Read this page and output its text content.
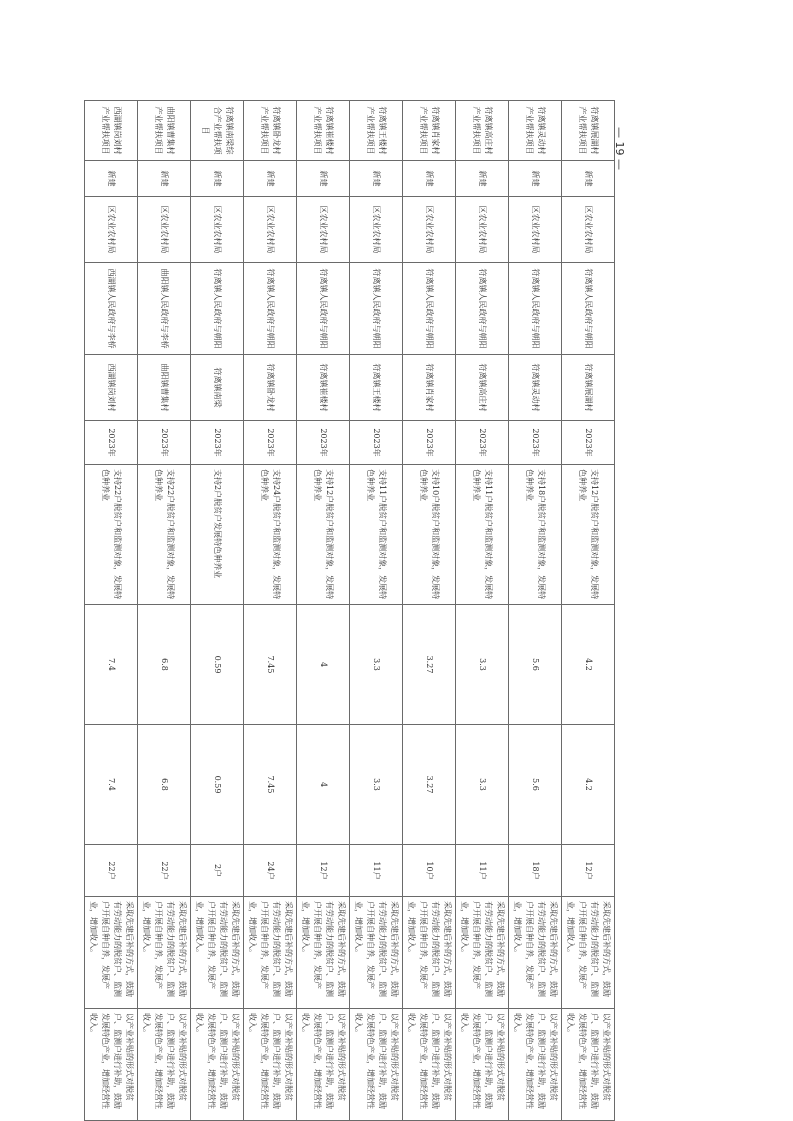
符离镇展湖村产业帮扶项目	新建	区农业农村局	符离镇人民政府与朝阳	符离镇展湖村	2023年	支持12户脱贫户和监测对象，发展特色种养业	4.2	4.2	12户	采取先建后补的方式，鼓励有劳动能力的脱贫户、监测户开展自种自养，发展产业，增加收入。	以产业补贴的形式对脱贫户、监测户进行补助，鼓励发展特色产业，增加经营性收入。
符离镇灵动村产业帮扶项目	新建	区农业农村局	符离镇人民政府与朝阳	符离镇灵动村	2023年	支持18户脱贫户和监测对象，发展特色种养业	5.6	5.6	18户	采取先建后补的方式，鼓励有劳动能力的脱贫户、监测户开展自种自养，发展产业，增加收入。	以产业补贴的形式对脱贫户、监测户进行补助，鼓励发展特色产业，增加经营性收入。
符离镇高庄村产业帮扶项目	新建	区农业农村局	符离镇人民政府与朝阳	符离镇高庄村	2023年	支持11户脱贫户和监测对象，发展特色种养业	3.3	3.3	11户	采取先建后补的方式，鼓励有劳动能力的脱贫户、监测户开展自种自养，发展产业，增加收入。	以产业补贴的形式对脱贫户、监测户进行补助，鼓励发展特色产业，增加经营性收入。
符离镇肖家村产业帮扶项目	新建	区农业农村局	符离镇人民政府与朝阳	符离镇肖家村	2023年	支持10户脱贫户和监测对象，发展特色种养业	3.27	3.27	10户	采取先建后补的方式，鼓励有劳动能力的脱贫户、监测户开展自种自养，发展产业，增加收入。	以产业补贴的形式对脱贫户、监测户进行补助，鼓励发展特色产业，增加经营性收入。
符离镇王楼村产业帮扶项目	新建	区农业农村局	符离镇人民政府与朝阳	符离镇王楼村	2023年	支持11户脱贫户和监测对象，发展特色种养业	3.3	3.3	11户	采取先建后补的方式，鼓励有劳动能力的脱贫户、监测户开展自种自养，发展产业，增加收入。	以产业补贴的形式对脱贫户、监测户进行补助，鼓励发展特色产业，增加经营性收入。
符离镇崔楼村产业帮扶项目	新建	区农业农村局	符离镇人民政府与朝阳	符离镇崔楼村	2023年	支持12户脱贫户和监测对象，发展特色种养业	4	4	12户	采取先建后补的方式，鼓励有劳动能力的脱贫户、监测户开展自种自养，发展产业，增加收入。	以产业补贴的形式对脱贫户、监测户进行补助，鼓励发展特色产业，增加经营性收入。
符离镇卧龙村产业帮扶项目	新建	区农业农村局	符离镇人民政府与朝阳	符离镇卧龙村	2023年	支持24户脱贫户和监测对象，发展特色种养业	7.45	7.45	24户	采取先建后补的方式，鼓励有劳动能力的脱贫户、监测户开展自种自养，发展产业，增加收入。	以产业补贴的形式对脱贫户、监测户进行补助，鼓励发展特色产业，增加经营性收入。
符离镇南梁综合产业帮扶项目	新建	区农业农村局	符离镇人民政府与朝阳	符离镇南梁	2023年	支持2户脱贫户发展特色种养业	0.59	0.59	2户	采取先建后补的方式，鼓励有劳动能力的脱贫户、监测户开展自种自养，发展产业，增加收入。	以产业补贴的形式对脱贫户、监测户进行补助，鼓励发展特色产业，增加经营性收入。
曲阳镇曹集村产业帮扶项目	新建	区农业农村局	曲阳镇人民政府与李桥	曲阳镇曹集村	2023年	支持22户脱贫户和监测对象，发展特色种养业	6.8	6.8	22户	采取先建后补的方式，鼓励有劳动能力的脱贫户、监测户开展自种自养，发展产业，增加收入。	以产业补贴的形式对脱贫户、监测户进行补助，鼓励发展特色产业，增加经营性收入。
西湖镇岗刘村产业帮扶项目	新建	区农业农村局	西湖镇人民政府与李桥	西湖镇岗刘村	2023年	支持22户脱贫户和监测对象，发展特色种养业	7.4	7.4	22户	采取先建后补的方式，鼓励有劳动能力的脱贫户、监测户开展自种自养，发展产业，增加收入。	以产业补贴的形式对脱贫户、监测户进行补助，鼓励发展特色产业，增加经营性收入。
— 19 —
